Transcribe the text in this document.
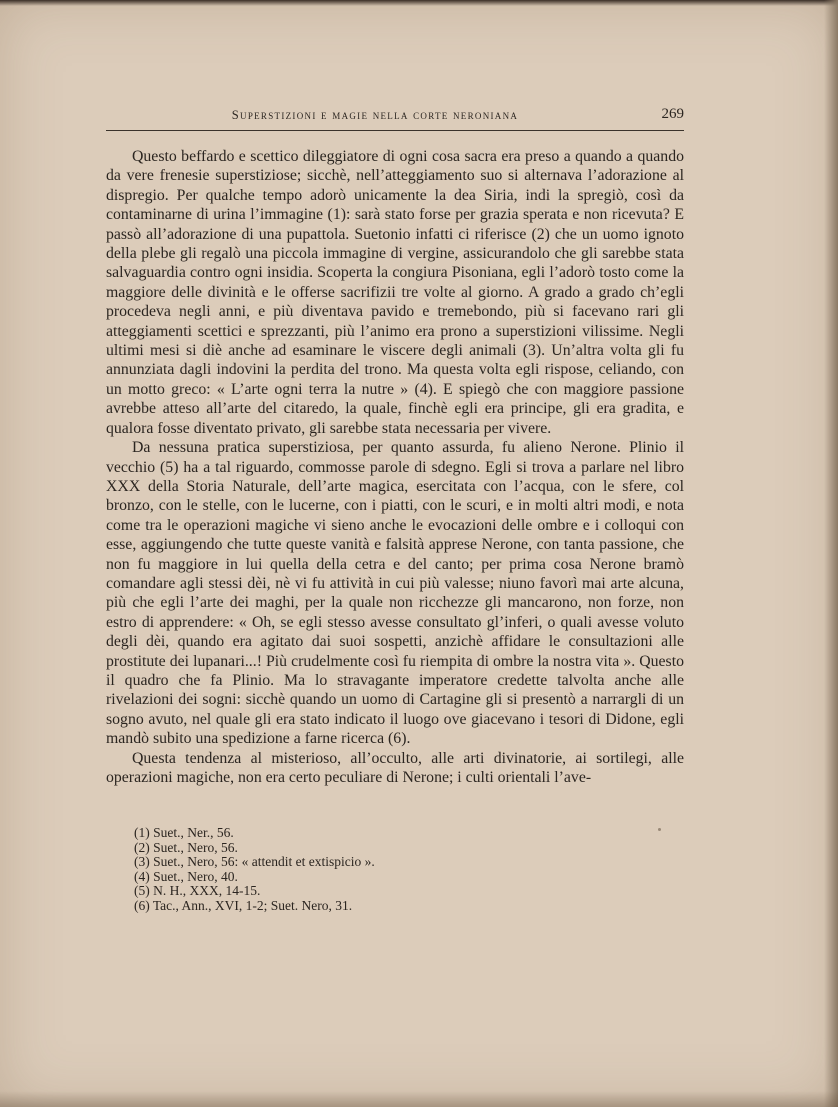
Superstizioni e magie nella corte neroniana	269

Questo beffardo e scettico dileggiatore di ogni cosa sacra era preso a quando a quando da vere frenesie superstiziose; sicchè, nell’atteggiamento suo si alternava l’adorazione al dispregio. Per qualche tempo adorò unicamente la dea Siria, indi la spregiò, così da contaminarne di urina l’immagine (1): sarà stato forse per grazia sperata e non ricevuta? E passò all’adorazione di una pupattola. Suetonio infatti ci riferisce (2) che un uomo ignoto della plebe gli regalò una piccola immagine di vergine, assicurandolo che gli sarebbe stata salvaguardia contro ogni insidia. Scoperta la congiura Pisoniana, egli l’adorò tosto come la maggiore delle divinità e le offerse sacrifizii tre volte al giorno. A grado a grado ch’egli procedeva negli anni, e più diventava pavido e tremebondo, più si facevano rari gli atteggiamenti scettici e sprezzanti, più l’animo era prono a superstizioni vilissime. Negli ultimi mesi si diè anche ad esaminare le viscere degli animali (3). Un’altra volta gli fu annunziata dagli indovini la perdita del trono. Ma questa volta egli rispose, celiando, con un motto greco: « L’arte ogni terra la nutre » (4). E spiegò che con maggiore passione avrebbe atteso all’arte del citaredo, la quale, finchè egli era principe, gli era gradita, e qualora fosse diventato privato, gli sarebbe stata necessaria per vivere.

Da nessuna pratica superstiziosa, per quanto assurda, fu alieno Nerone. Plinio il vecchio (5) ha a tal riguardo, commosse parole di sdegno. Egli si trova a parlare nel libro XXX della Storia Naturale, dell’arte magica, esercitata con l’acqua, con le sfere, col bronzo, con le stelle, con le lucerne, con i piatti, con le scuri, e in molti altri modi, e nota come tra le operazioni magiche vi sieno anche le evocazioni delle ombre e i colloqui con esse, aggiungendo che tutte queste vanità e falsità apprese Nerone, con tanta passione, che non fu maggiore in lui quella della cetra e del canto; per prima cosa Nerone bramò comandare agli stessi dèi, nè vi fu attività in cui più valesse; niuno favorì mai arte alcuna, più che egli l’arte dei maghi, per la quale non ricchezze gli mancarono, non forze, non estro di apprendere: « Oh, se egli stesso avesse consultato gl’inferi, o quali avesse voluto degli dèi, quando era agitato dai suoi sospetti, anzichè affidare le consultazioni alle prostitute dei lupanari...! Più crudelmente così fu riempita di ombre la nostra vita ». Questo il quadro che fa Plinio. Ma lo stravagante imperatore credette talvolta anche alle rivelazioni dei sogni: sicchè quando un uomo di Cartagine gli si presentò a narrargli di un sogno avuto, nel quale gli era stato indicato il luogo ove giacevano i tesori di Didone, egli mandò subito una spedizione a farne ricerca (6).

Questa tendenza al misterioso, all’occulto, alle arti divinatorie, ai sortilegi, alle operazioni magiche, non era certo peculiare di Nerone; i culti orientali l’ave-

(1) Suet., Ner., 56.
(2) Suet., Nero, 56.
(3) Suet., Nero, 56: « attendit et extispicio ».
(4) Suet., Nero, 40.
(5) N. H., XXX, 14-15.
(6) Tac., Ann., XVI, 1-2; Suet. Nero, 31.
